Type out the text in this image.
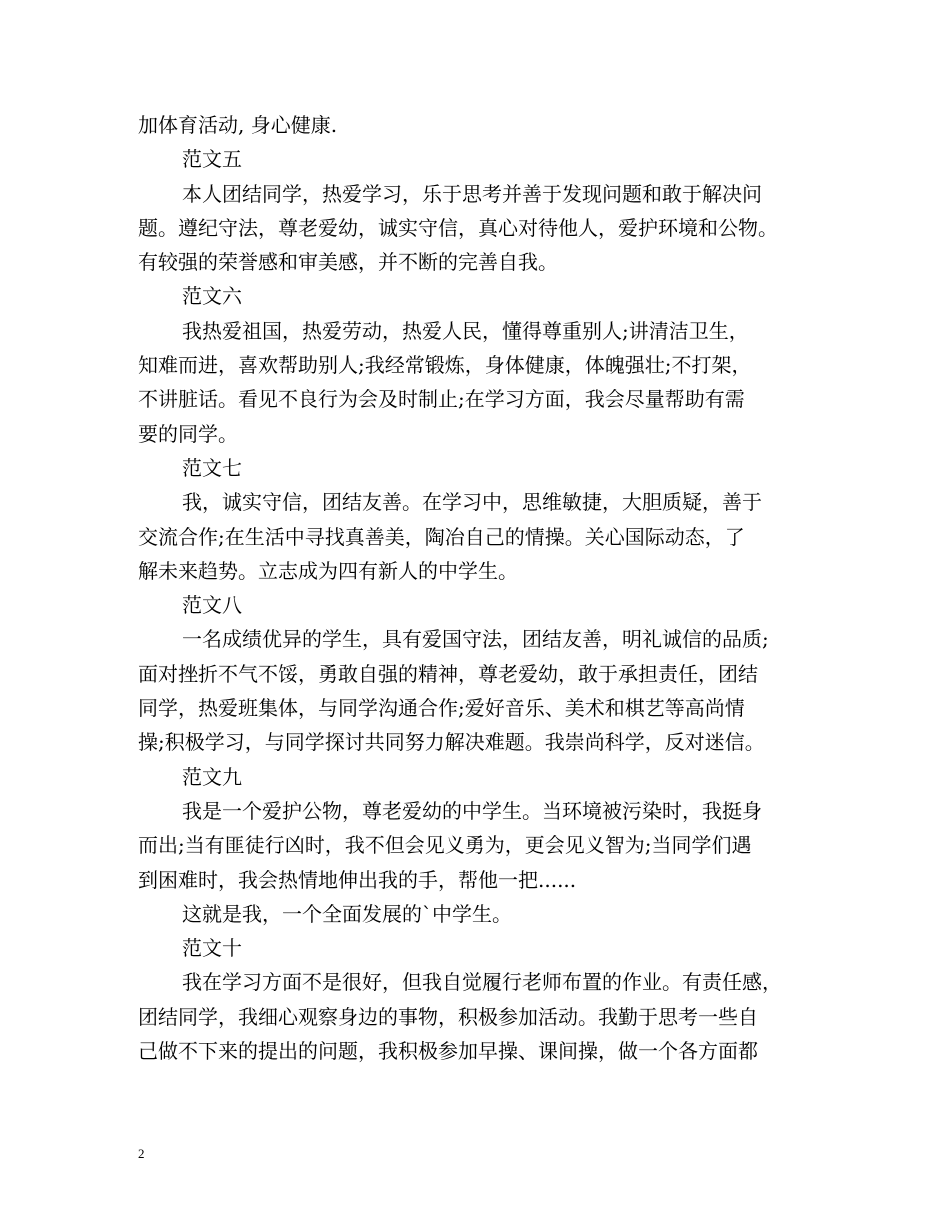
加体育活动, 身心健康.
范文五
本人团结同学，热爱学习，乐于思考并善于发现问题和敢于解决问
题。遵纪守法，尊老爱幼，诚实守信，真心对待他人，爱护环境和公物。
有较强的荣誉感和审美感，并不断的完善自我。
范文六
我热爱祖国，热爱劳动，热爱人民，懂得尊重别人;讲清洁卫生，
知难而进，喜欢帮助别人;我经常锻炼，身体健康，体魄强壮;不打架，
不讲脏话。看见不良行为会及时制止;在学习方面，我会尽量帮助有需
要的同学。
范文七
我，诚实守信，团结友善。在学习中，思维敏捷，大胆质疑，善于
交流合作;在生活中寻找真善美，陶冶自己的情操。关心国际动态，了
解未来趋势。立志成为四有新人的中学生。
范文八
一名成绩优异的学生，具有爱国守法，团结友善，明礼诚信的品质;
面对挫折不气不馁，勇敢自强的精神，尊老爱幼，敢于承担责任，团结
同学，热爱班集体，与同学沟通合作;爱好音乐、美术和棋艺等高尚情
操;积极学习，与同学探讨共同努力解决难题。我崇尚科学，反对迷信。
范文九
我是一个爱护公物，尊老爱幼的中学生。当环境被污染时，我挺身
而出;当有匪徒行凶时，我不但会见义勇为，更会见义智为;当同学们遇
到困难时，我会热情地伸出我的手，帮他一把......
这就是我，一个全面发展的`中学生。
范文十
我在学习方面不是很好，但我自觉履行老师布置的作业。有责任感，
团结同学，我细心观察身边的事物，积极参加活动。我勤于思考一些自
己做不下来的提出的问题，我积极参加早操、课间操，做一个各方面都
2
